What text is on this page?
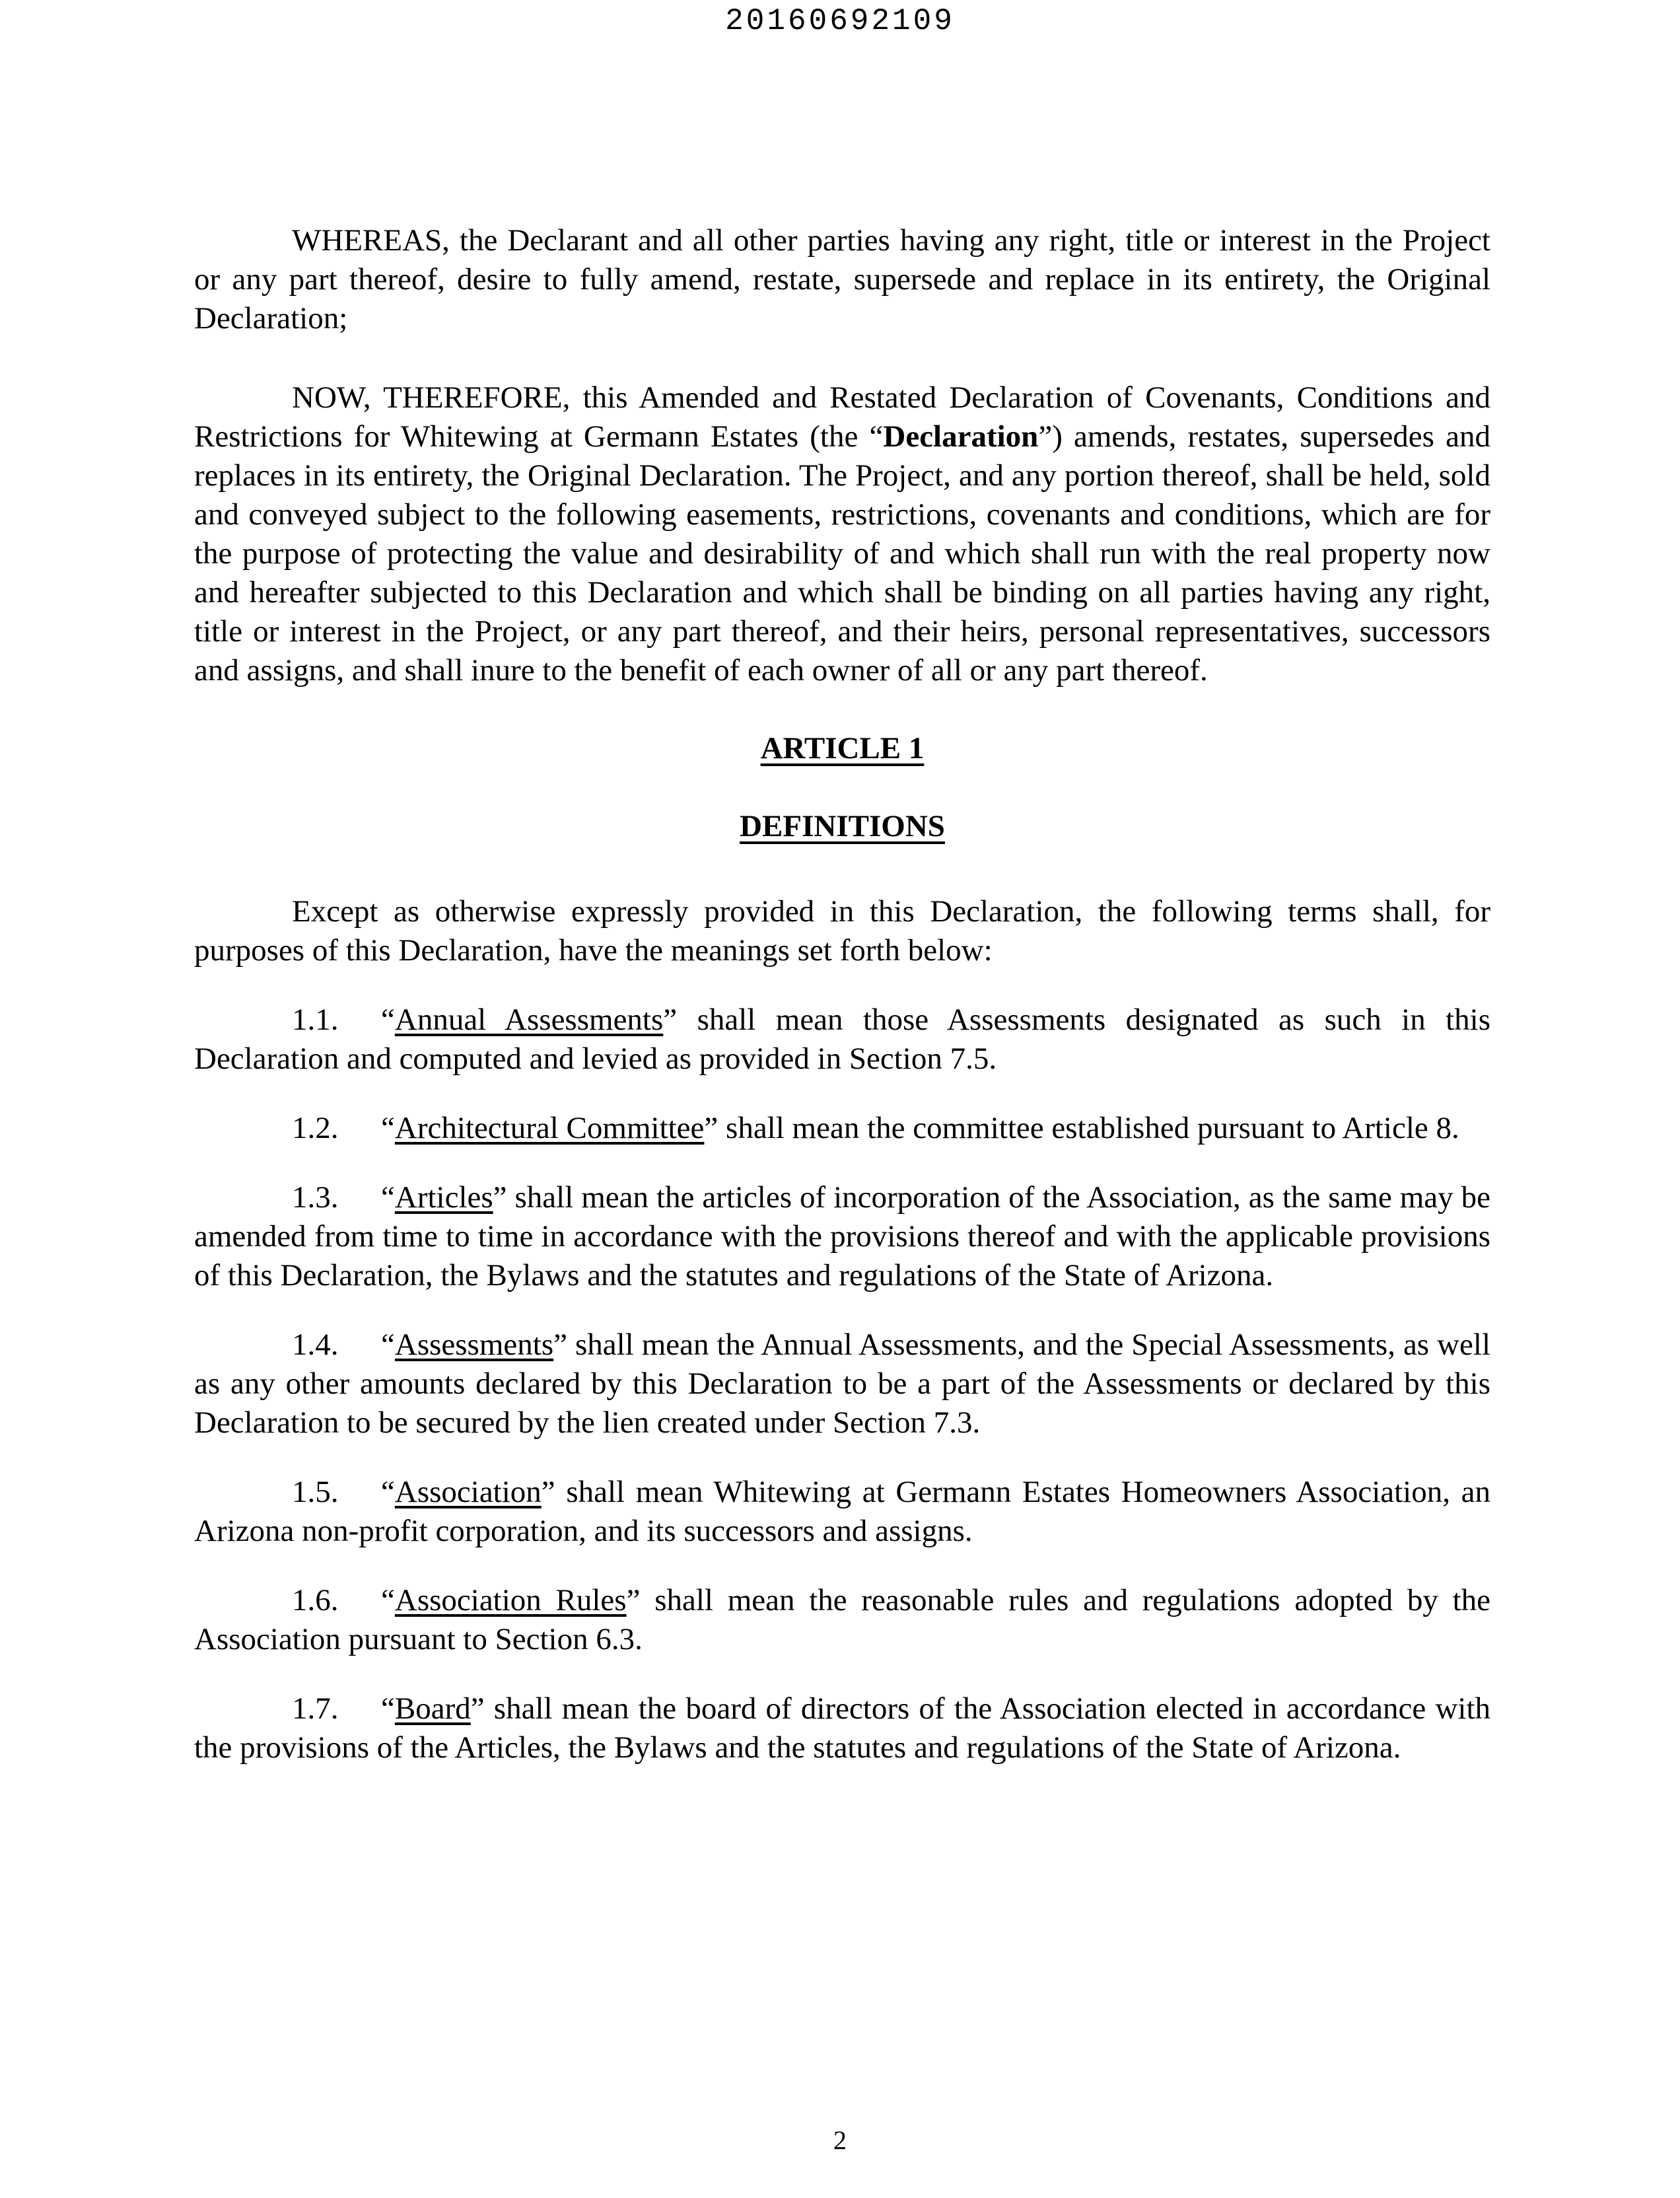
20160692109

WHEREAS, the Declarant and all other parties having any right, title or interest in the Project or any part thereof, desire to fully amend, restate, supersede and replace in its entirety, the Original Declaration;

NOW, THEREFORE, this Amended and Restated Declaration of Covenants, Conditions and Restrictions for Whitewing at Germann Estates (the “Declaration”) amends, restates, supersedes and replaces in its entirety, the Original Declaration. The Project, and any portion thereof, shall be held, sold and conveyed subject to the following easements, restrictions, covenants and conditions, which are for the purpose of protecting the value and desirability of and which shall run with the real property now and hereafter subjected to this Declaration and which shall be binding on all parties having any right, title or interest in the Project, or any part thereof, and their heirs, personal representatives, successors and assigns, and shall inure to the benefit of each owner of all or any part thereof.

ARTICLE 1

DEFINITIONS

Except as otherwise expressly provided in this Declaration, the following terms shall, for purposes of this Declaration, have the meanings set forth below:

1.1. “Annual Assessments” shall mean those Assessments designated as such in this Declaration and computed and levied as provided in Section 7.5.

1.2. “Architectural Committee” shall mean the committee established pursuant to Article 8.

1.3. “Articles” shall mean the articles of incorporation of the Association, as the same may be amended from time to time in accordance with the provisions thereof and with the applicable provisions of this Declaration, the Bylaws and the statutes and regulations of the State of Arizona.

1.4. “Assessments” shall mean the Annual Assessments, and the Special Assessments, as well as any other amounts declared by this Declaration to be a part of the Assessments or declared by this Declaration to be secured by the lien created under Section 7.3.

1.5. “Association” shall mean Whitewing at Germann Estates Homeowners Association, an Arizona non-profit corporation, and its successors and assigns.

1.6. “Association Rules” shall mean the reasonable rules and regulations adopted by the Association pursuant to Section 6.3.

1.7. “Board” shall mean the board of directors of the Association elected in accordance with the provisions of the Articles, the Bylaws and the statutes and regulations of the State of Arizona.

2
